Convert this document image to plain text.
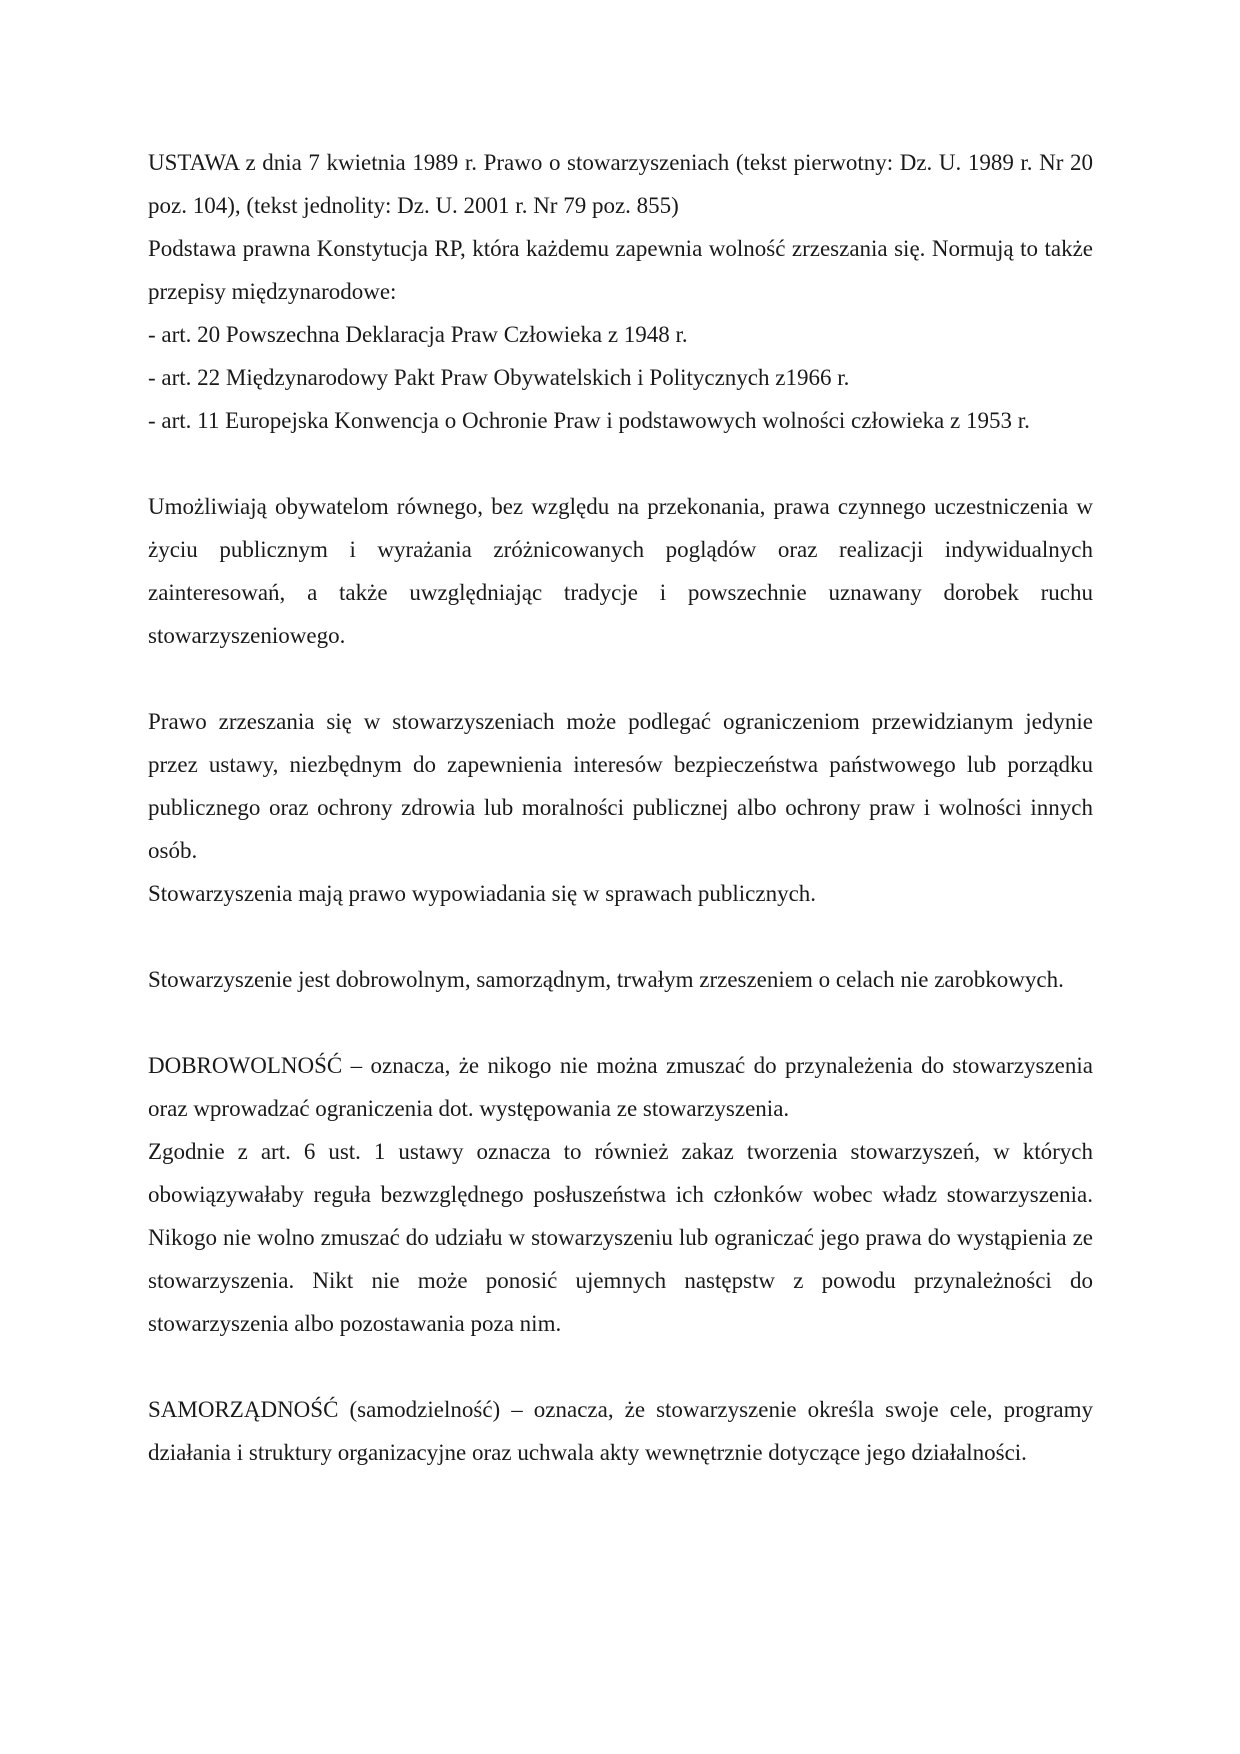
USTAWA z dnia 7 kwietnia 1989 r. Prawo o stowarzyszeniach (tekst pierwotny: Dz. U. 1989 r. Nr 20 poz. 104), (tekst jednolity: Dz. U. 2001 r. Nr 79 poz. 855)

Podstawa prawna Konstytucja RP, która każdemu zapewnia wolność zrzeszania się. Normują to także przepisy międzynarodowe:

- art. 20 Powszechna Deklaracja Praw Człowieka z 1948 r.

- art. 22 Międzynarodowy Pakt Praw Obywatelskich i Politycznych z1966 r.

- art. 11 Europejska Konwencja o Ochronie Praw i podstawowych wolności człowieka z 1953 r.

Umożliwiają obywatelom równego, bez względu na przekonania, prawa czynnego uczestniczenia w życiu publicznym i wyrażania zróżnicowanych poglądów oraz realizacji indywidualnych zainteresowań, a także uwzględniając tradycje i powszechnie uznawany dorobek ruchu stowarzyszeniowego.

Prawo zrzeszania się w stowarzyszeniach może podlegać ograniczeniom przewidzianym jedynie przez ustawy, niezbędnym do zapewnienia interesów bezpieczeństwa państwowego lub porządku publicznego oraz ochrony zdrowia lub moralności publicznej albo ochrony praw i wolności innych osób.

Stowarzyszenia mają prawo wypowiadania się w sprawach publicznych.

Stowarzyszenie jest dobrowolnym, samorządnym, trwałym zrzeszeniem o celach nie zarobkowych.

DOBROWOLNOŚĆ – oznacza, że nikogo nie można zmuszać do przynależenia do stowarzyszenia oraz wprowadzać ograniczenia dot. występowania ze stowarzyszenia.

Zgodnie z art. 6 ust. 1 ustawy oznacza to również zakaz tworzenia stowarzyszeń, w których obowiązywałaby reguła bezwzględnego posłuszeństwa ich członków wobec władz stowarzyszenia. Nikogo nie wolno zmuszać do udziału w stowarzyszeniu lub ograniczać jego prawa do wystąpienia ze stowarzyszenia. Nikt nie może ponosić ujemnych następstw z powodu przynależności do stowarzyszenia albo pozostawania poza nim.

SAMORZĄDNOŚĆ (samodzielność) – oznacza, że stowarzyszenie określa swoje cele, programy działania i struktury organizacyjne oraz uchwala akty wewnętrznie dotyczące jego działalności.
